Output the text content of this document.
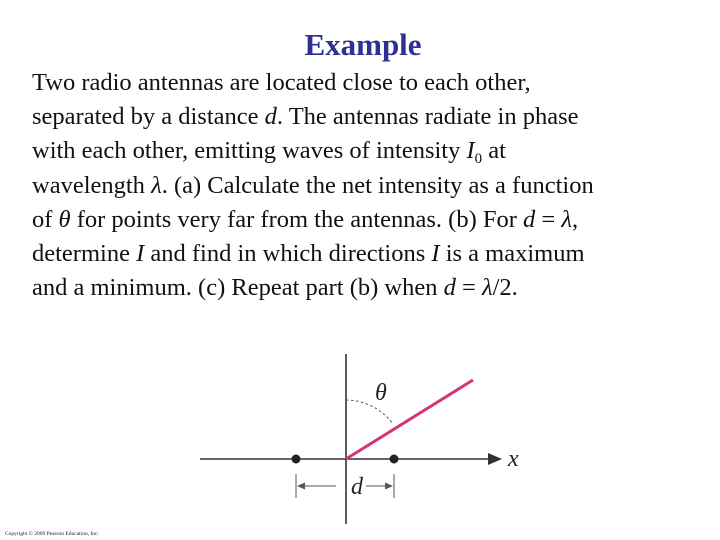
Example
Two radio antennas are located close to each other,
separated by a distance d. The antennas radiate in phase
with each other, emitting waves of intensity $I_0$ at
wavelength λ. (a) Calculate the net intensity as a function
of θ for points very far from the antennas. (b) For d = λ,
determine I and find in which directions I is a maximum
and a minimum. (c) Repeat part (b) when d = λ/2.
θ
x
d
Copyright © 2009 Pearson Education, Inc.
